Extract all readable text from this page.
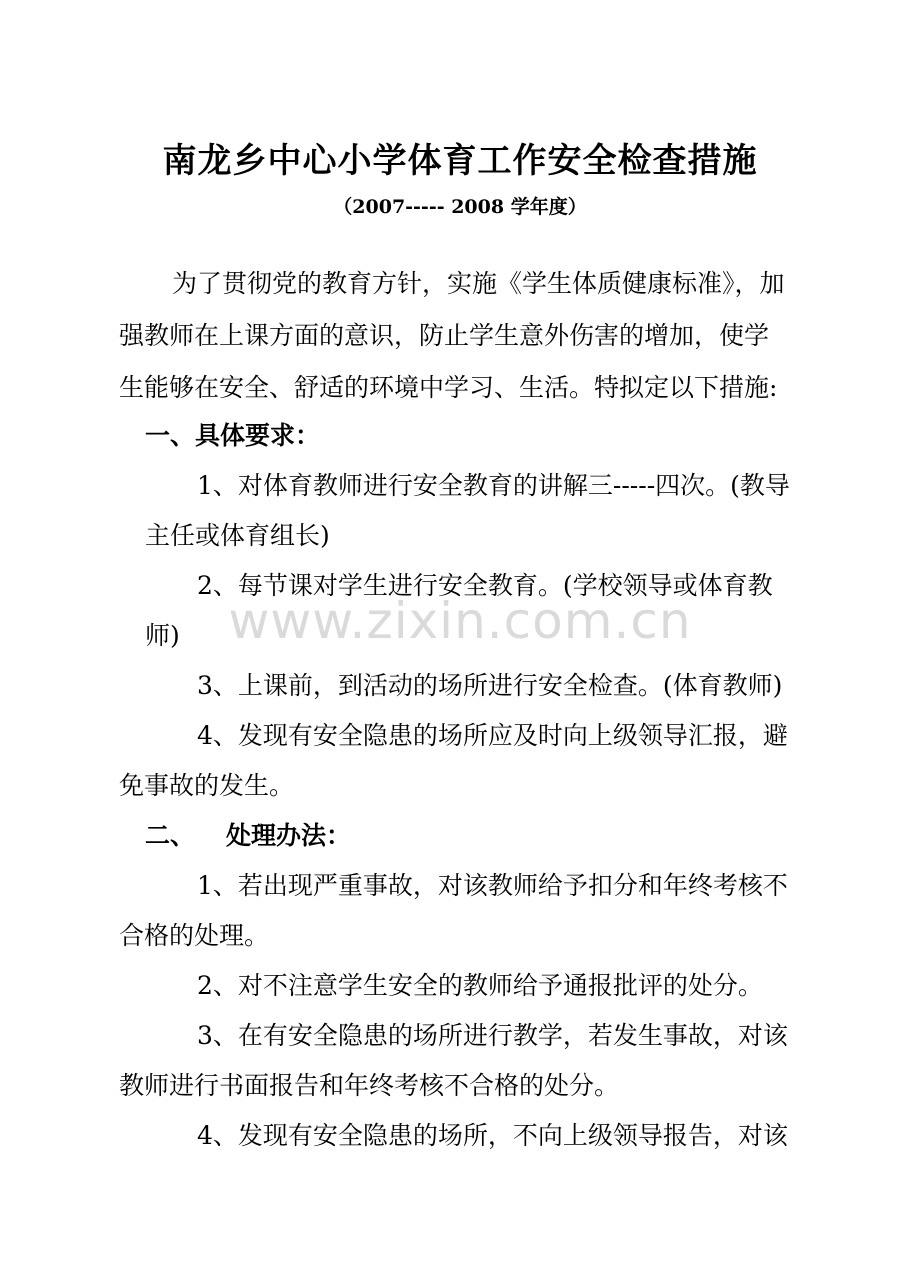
南龙乡中心小学体育工作安全检查措施
（2007----- 2008 学年度）
为了贯彻党的教育方针，实施《学生体质健康标准》，加
强教师在上课方面的意识，防止学生意外伤害的增加，使学
生能够在安全、舒适的环境中学习、生活。特拟定以下措施:
一、具体要求：
1、对体育教师进行安全教育的讲解三-----四次。(教导
主任或体育组长)
2、每节课对学生进行安全教育。(学校领导或体育教
师)
3、上课前，到活动的场所进行安全检查。(体育教师)
4、发现有安全隐患的场所应及时向上级领导汇报，避
免事故的发生。
二、 处理办法：
1、若出现严重事故，对该教师给予扣分和年终考核不
合格的处理。
2、对不注意学生安全的教师给予通报批评的处分。
3、在有安全隐患的场所进行教学，若发生事故，对该
教师进行书面报告和年终考核不合格的处分。
4、发现有安全隐患的场所，不向上级领导报告，对该
www.zixin.com.cn
